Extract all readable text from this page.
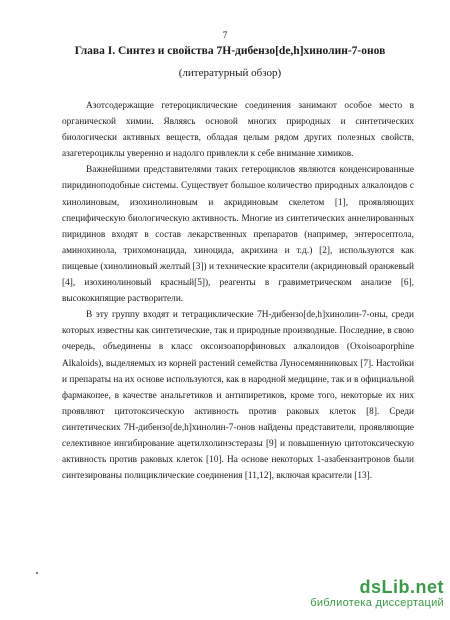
7
Глава I. Синтез и свойства 7H-дибензо[de,h]хинолин-7-онов
(литературный обзор)

Азотсодержащие гетероциклические соединения занимают особое место в органической химии. Являясь основой многих природных и синтетических биологически активных веществ, обладая целым рядом других полезных свойств, азагетероциклы уверенно и надолго привлекли к себе внимание химиков.

Важнейшими представителями таких гетероциклов являются конденсированные пиридиноподобные системы. Существует большое количество природных алкалоидов с хинолиновым, изохинолиновым и акридиновым скелетом [1], проявляющих специфическую биологическую активность. Многие из синтетических аннелированных пиридинов входят в состав лекарственных препаратов (например, энтеросептола, аминохинола, трихомонацида, хиноцида, акрихина и т.д.) [2], используются как пищевые (хинолиновый желтый [3]) и технические красители (акридиновый оранжевый [4], изохинолиновый красный[5]), реагенты в гравиметрическом анализе [6], высококипящие растворители.

В эту группу входят и тетрациклические 7H-дибензо[de,h]хинолин-7-оны, среди которых известны как синтетические, так и природные производные. Последние, в свою очередь, объединены в класс оксоизоапорфиновых алкалоидов (Oxoisoaporphine Alkaloids), выделяемых из корней растений семейства Луносемянниковых [7]. Настойки и препараты на их основе используются, как в народной медицине, так и в официальной фармакопее, в качестве анальгетиков и антипиретиков, кроме того, некоторые их них проявляют цитотоксическую активность против раковых клеток [8]. Среди синтетических 7H-дибензо[de,h]хинолин-7-онов найдены представители, проявляющие селективное ингибирование ацетилхолинэстеразы [9] и повышенную цитотоксическую активность против раковых клеток [10]. На основе некоторых 1-азабензантронов были синтезированы полициклические соединения [11,12], включая красители [13].

dsLib.net
библиотека диссертаций
